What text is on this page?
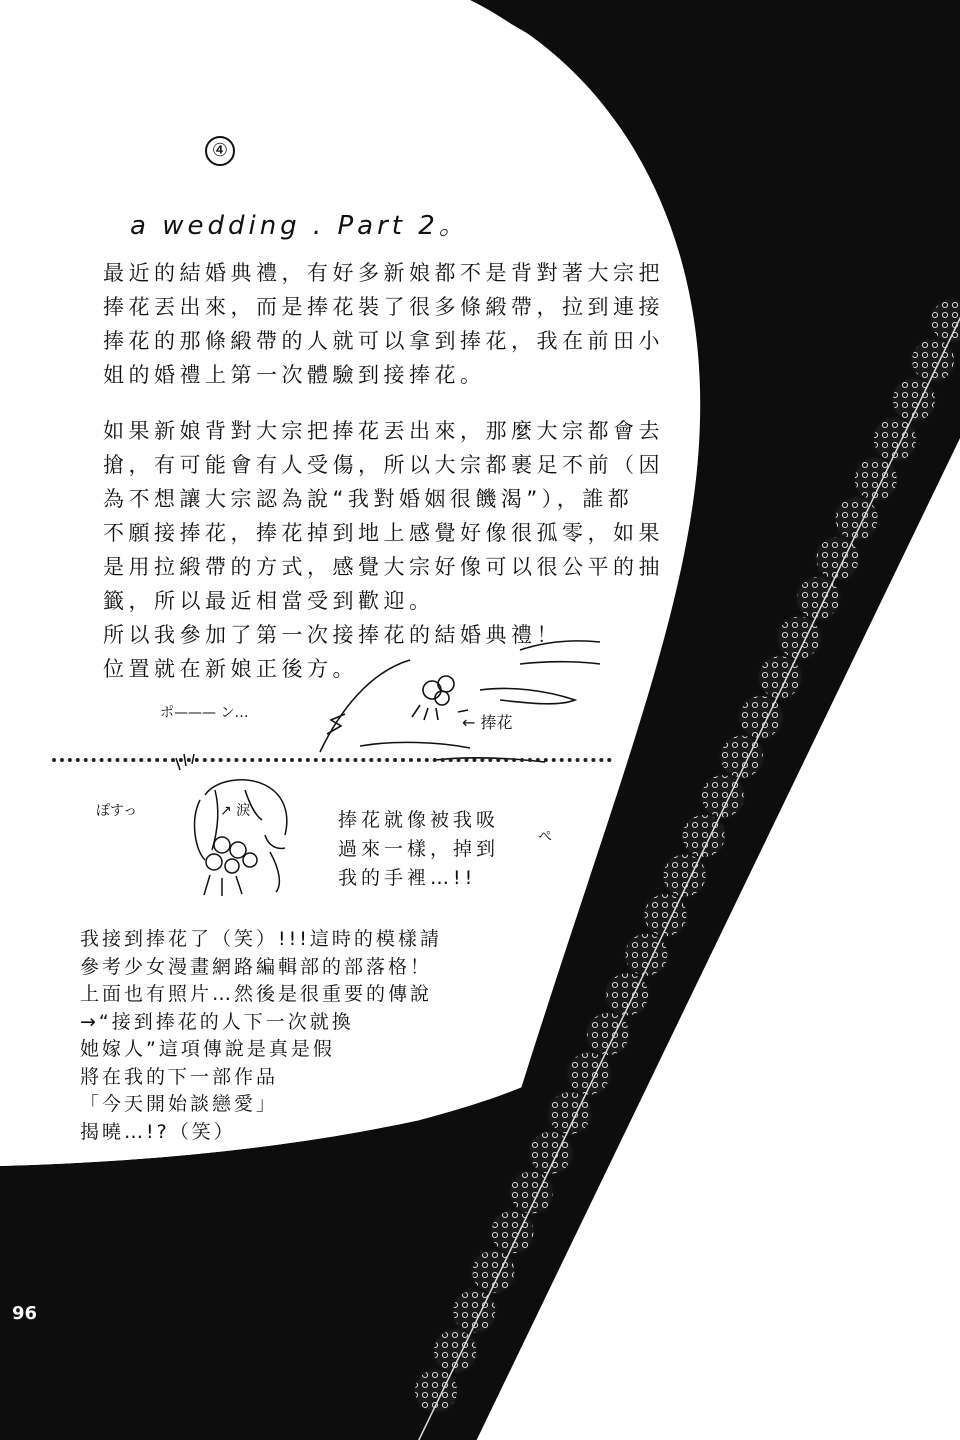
④
a wedding . Part 2。
最近的結婚典禮，有好多新娘都不是背對著大宗把
捧花丟出來，而是捧花裝了很多條緞帶，拉到連接
捧花的那條緞帶的人就可以拿到捧花，我在前田小
姐的婚禮上第一次體驗到接捧花。
如果新娘背對大宗把捧花丟出來，那麼大宗都會去
搶，有可能會有人受傷，所以大宗都裹足不前（因
為不想讓大宗認為說“我對婚姻很饑渴”），誰都
不願接捧花，捧花掉到地上感覺好像很孤零，如果
是用拉緞帶的方式，感覺大宗好像可以很公平的抽
籤，所以最近相當受到歡迎。
所以我參加了第一次接捧花的結婚典禮！
位置就在新娘正後方。
ポ——— ン…	← 捧花
ぽすっ	↗ 淚
ぺ
捧花就像被我吸
過來一樣，掉到
我的手裡…!!
我接到捧花了（笑）!!!這時的模樣請
參考少女漫畫網路編輯部的部落格！
上面也有照片…然後是很重要的傳說
→“接到捧花的人下一次就換
她嫁人”這項傳說是真是假
將在我的下一部作品
「今天開始談戀愛」
揭曉…!?（笑）
96
